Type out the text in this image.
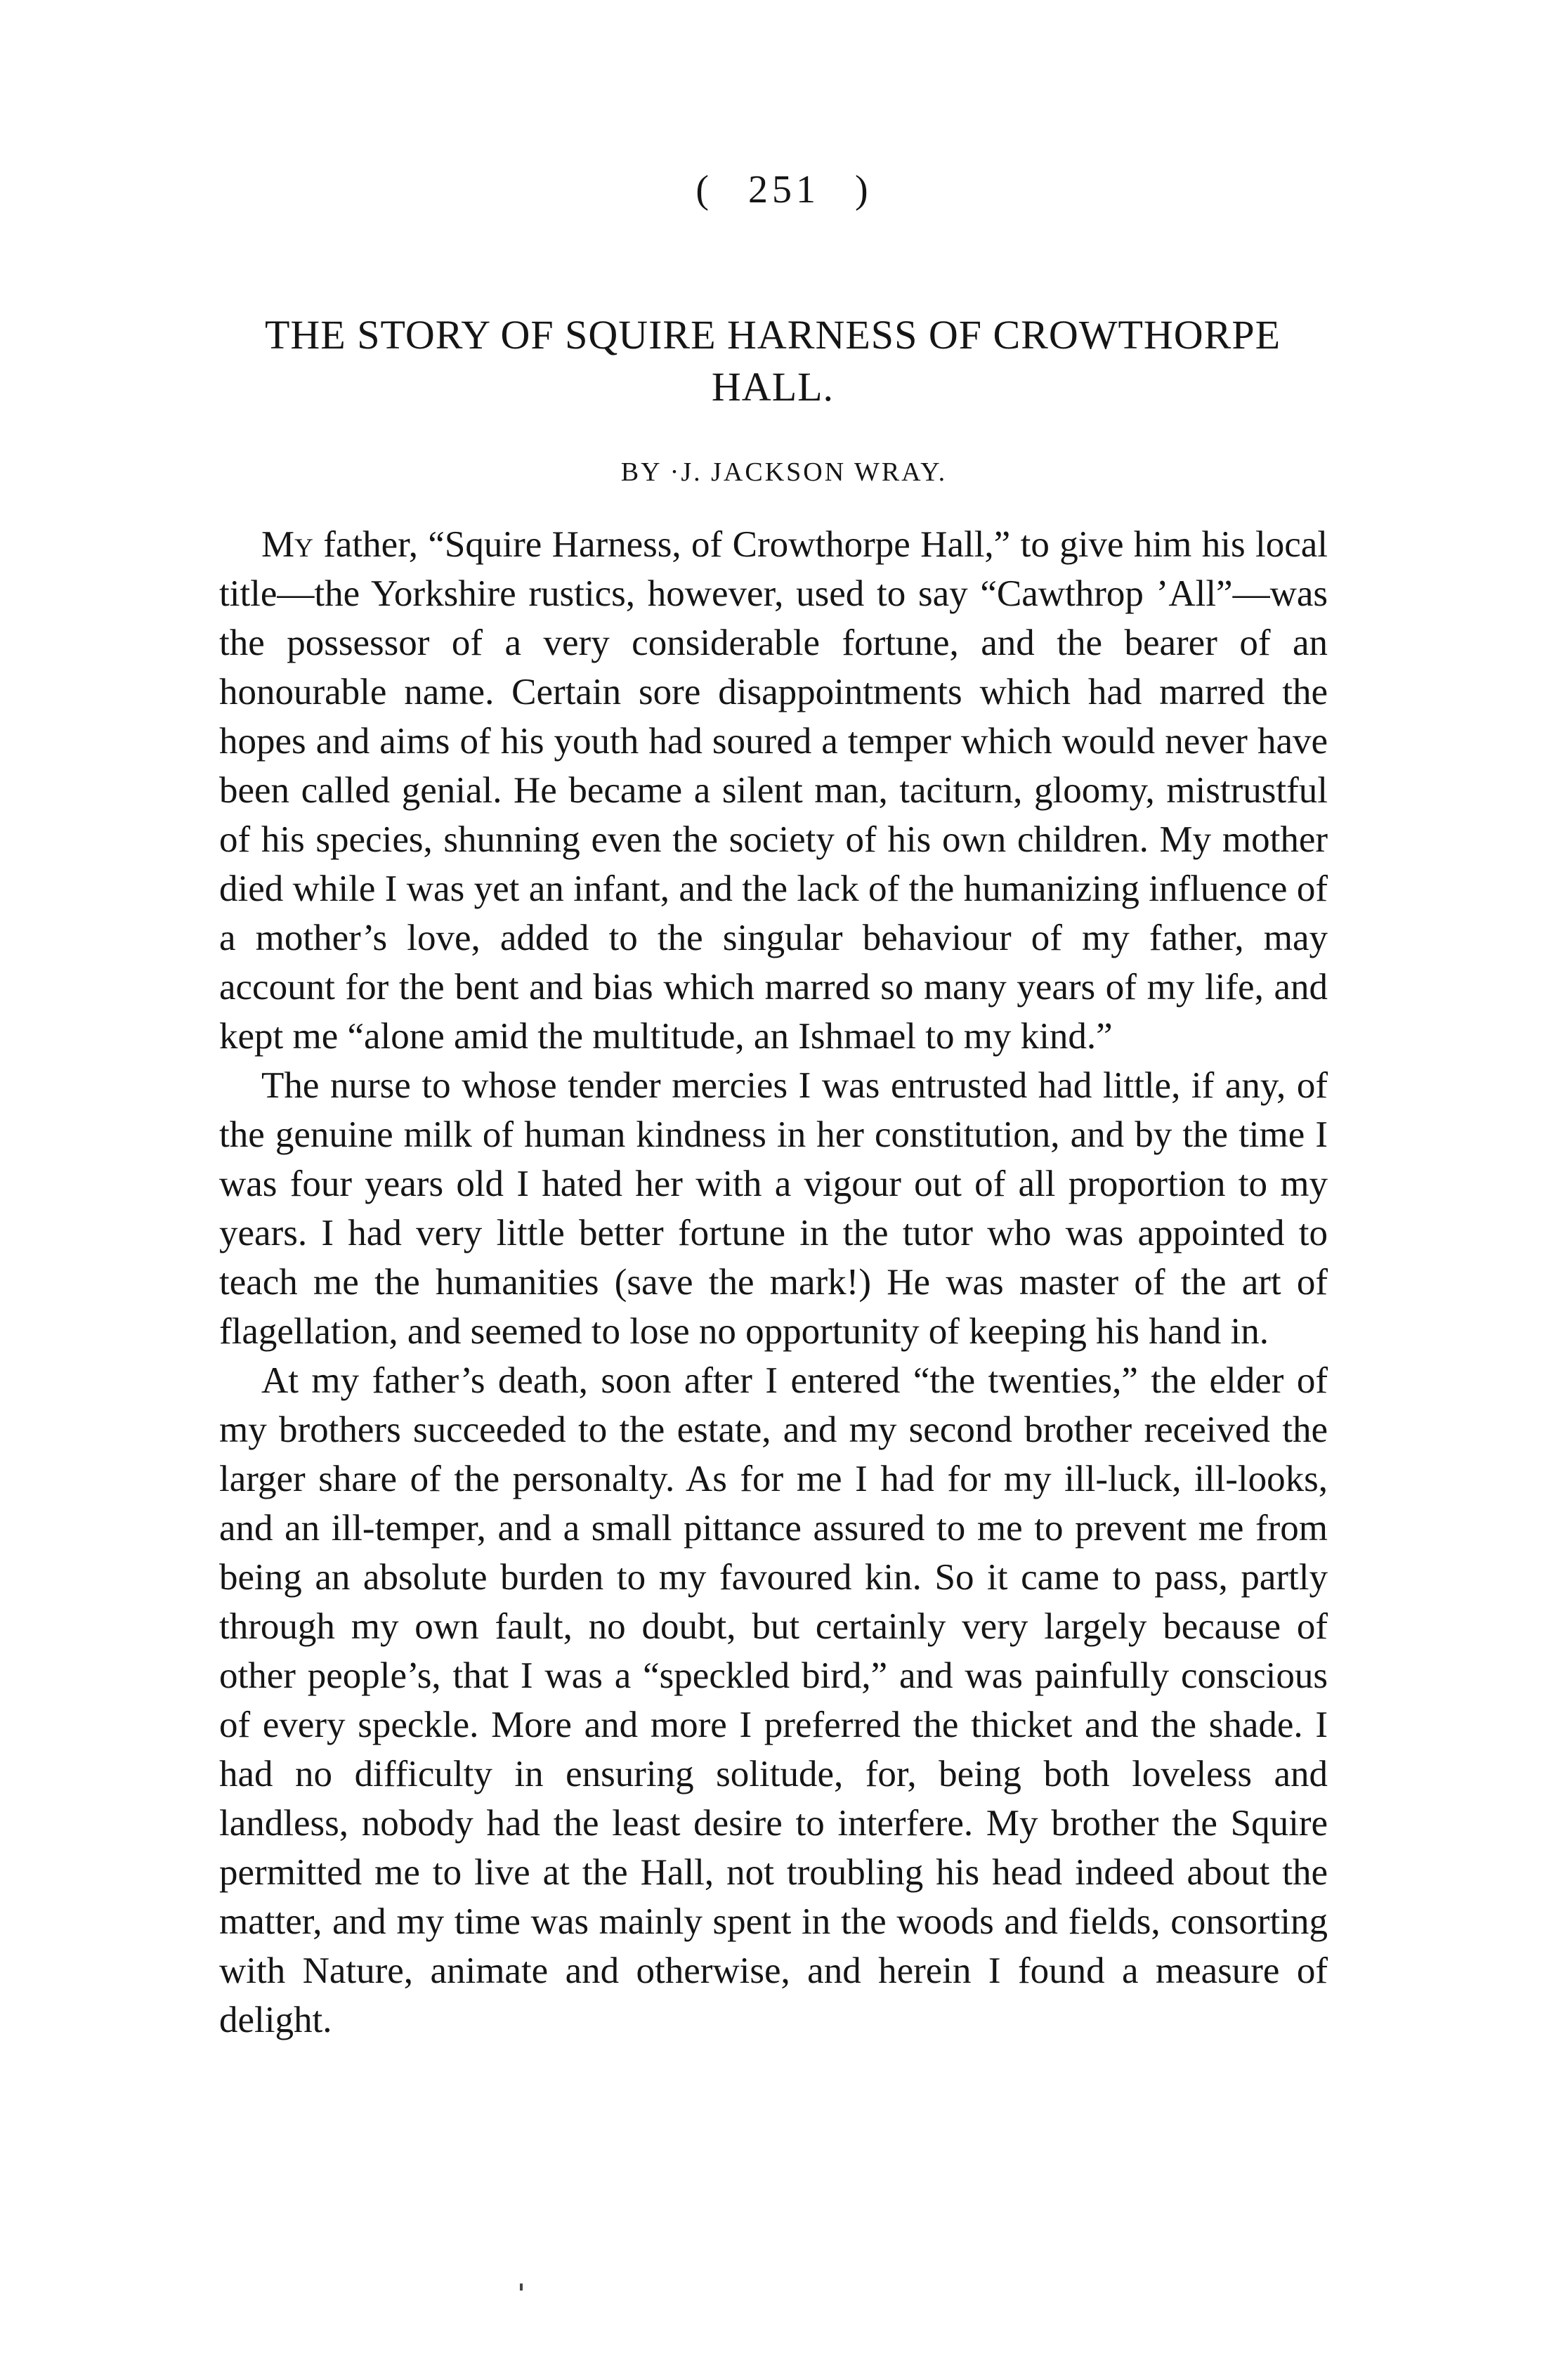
( 251 )
THE STORY OF SQUIRE HARNESS OF CROWTHORPE HALL.
BY ·J. JACKSON WRAY.

My father, “Squire Harness, of Crowthorpe Hall,” to give him his local title—the Yorkshire rustics, however, used to say “Cawthrop ’All”—was the possessor of a very considerable fortune, and the bearer of an honourable name. Certain sore disappointments which had marred the hopes and aims of his youth had soured a temper which would never have been called genial. He became a silent man, taciturn, gloomy, mistrustful of his species, shunning even the society of his own children. My mother died while I was yet an infant, and the lack of the humanizing influence of a mother’s love, added to the singular behaviour of my father, may account for the bent and bias which marred so many years of my life, and kept me “alone amid the multitude, an Ishmael to my kind.”

The nurse to whose tender mercies I was entrusted had little, if any, of the genuine milk of human kindness in her constitution, and by the time I was four years old I hated her with a vigour out of all proportion to my years. I had very little better fortune in the tutor who was appointed to teach me the humanities (save the mark!) He was master of the art of flagellation, and seemed to lose no opportunity of keeping his hand in.

At my father’s death, soon after I entered “the twenties,” the elder of my brothers succeeded to the estate, and my second brother received the larger share of the personalty. As for me I had for my ill-luck, ill-looks, and an ill-temper, and a small pittance assured to me to prevent me from being an absolute burden to my favoured kin. So it came to pass, partly through my own fault, no doubt, but certainly very largely because of other people’s, that I was a “speckled bird,” and was painfully conscious of every speckle. More and more I preferred the thicket and the shade. I had no difficulty in ensuring solitude, for, being both loveless and landless, nobody had the least desire to interfere. My brother the Squire permitted me to live at the Hall, not troubling his head indeed about the matter, and my time was mainly spent in the woods and fields, consorting with Nature, animate and otherwise, and herein I found a measure of delight.
